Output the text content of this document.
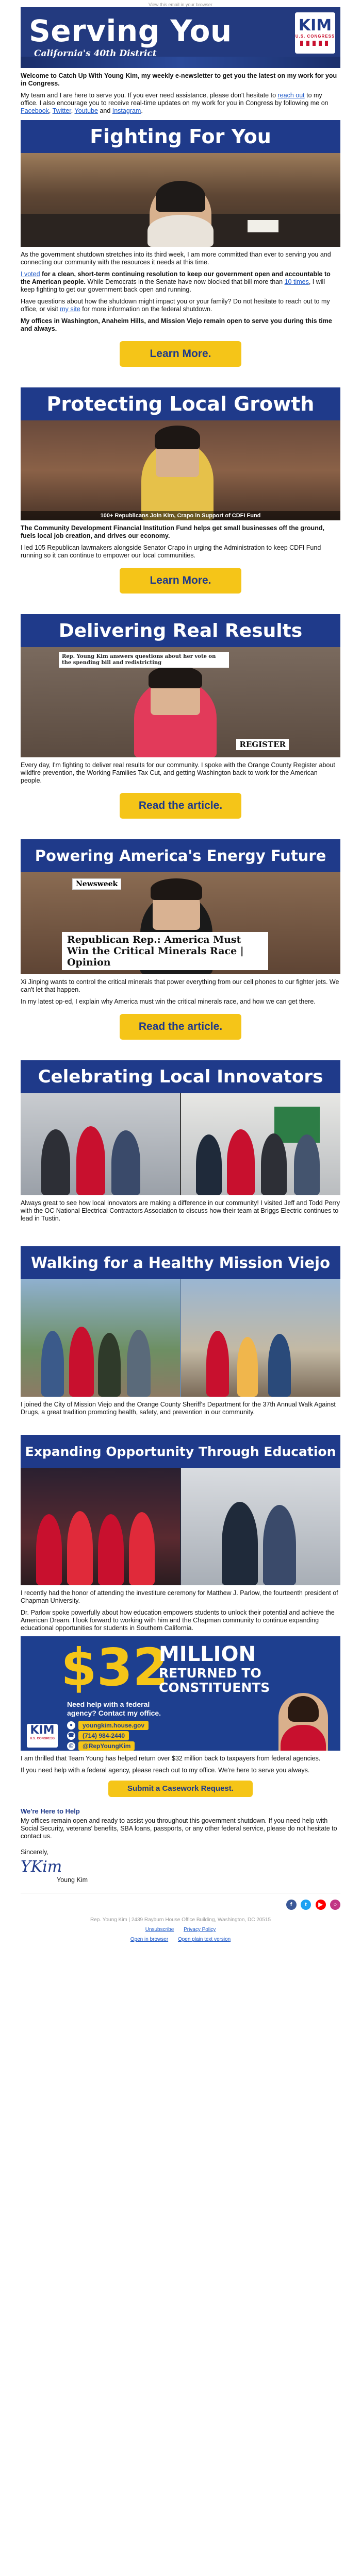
View this email in your browser
Serving You
California's 40th District
KIM
U.S. CONGRESS

Welcome to Catch Up With Young Kim, my weekly e-newsletter to get you the latest on my work for you in Congress.

My team and I are here to serve you. If you ever need assistance, please don't hesitate to reach out to my office. I also encourage you to receive real-time updates on my work for you in Congress by following me on Facebook, Twitter, Youtube and Instagram.

Fighting For You

As the government shutdown stretches into its third week, I am more committed than ever to serving you and connecting our community with the resources it needs at this time.

I voted for a clean, short-term continuing resolution to keep our government open and accountable to the American people. While Democrats in the Senate have now blocked that bill more than 10 times, I will keep fighting to get our government back open and running.

Have questions about how the shutdown might impact you or your family? Do not hesitate to reach out to my office, or visit my site for more information on the federal shutdown.

My offices in Washington, Anaheim Hills, and Mission Viejo remain open to serve you during this time and always.

Learn More.
Protecting Local Growth
100+ Republicans Join Kim, Crapo in Support of CDFI Fund

The Community Development Financial Institution Fund helps get small businesses off the ground, fuels local job creation, and drives our economy.

I led 105 Republican lawmakers alongside Senator Crapo in urging the Administration to keep CDFI Fund running so it can continue to empower our local communities.

Learn More.
Delivering Real Results
Rep. Young Kim answers questions about her vote on the spending bill and redistricting
REGISTER

Every day, I'm fighting to deliver real results for our community. I spoke with the Orange County Register about wildfire prevention, the Working Families Tax Cut, and getting Washington back to work for the American people.

Read the article.
Powering America's Energy Future
Newsweek
Republican Rep.: America Must Win the Critical Minerals Race | Opinion

Xi Jinping wants to control the critical minerals that power everything from our cell phones to our fighter jets. We can't let that happen.

In my latest op-ed, I explain why America must win the critical minerals race, and how we can get there.

Read the article.
Celebrating Local Innovators

Always great to see how local innovators are making a difference in our community! I visited Jeff and Todd Perry with the OC National Electrical Contractors Association to discuss how their team at Briggs Electric continues to lead in Tustin.

Walking for a Healthy Mission Viejo

I joined the City of Mission Viejo and the Orange County Sheriff's Department for the 37th Annual Walk Against Drugs, a great tradition promoting health, safety, and prevention in our community.

Expanding Opportunity Through Education

I recently had the honor of attending the investiture ceremony for Matthew J. Parlow, the fourteenth president of Chapman University.

Dr. Parlow spoke powerfully about how education empowers students to unlock their potential and achieve the American Dream. I look forward to working with him and the Chapman community to continue expanding educational opportunities for students in Southern California.

$32
MILLION
RETURNED TO CONSTITUENTS
Need help with a federal agency? Contact my office.
●	youngkim.house.gov
☎	(714) 984-2440
@	@RepYoungKim
KIM
U.S. CONGRESS

I am thrilled that Team Young has helped return over $32 million back to taxpayers from federal agencies.

If you need help with a federal agency, please reach out to my office. We're here to serve you always.

Submit a Casework Request.
We're Here to Help

My offices remain open and ready to assist you throughout this government shutdown. If you need help with Social Security, veterans' benefits, SBA loans, passports, or any other federal service, please do not hesitate to contact us.

Sincerely,
YKim
Young Kim
f t ▶ ○
Rep. Young Kim | 2439 Rayburn House Office Building, Washington, DC 20515
Unsubscribe Privacy Policy
Open in browser Open plain text version
